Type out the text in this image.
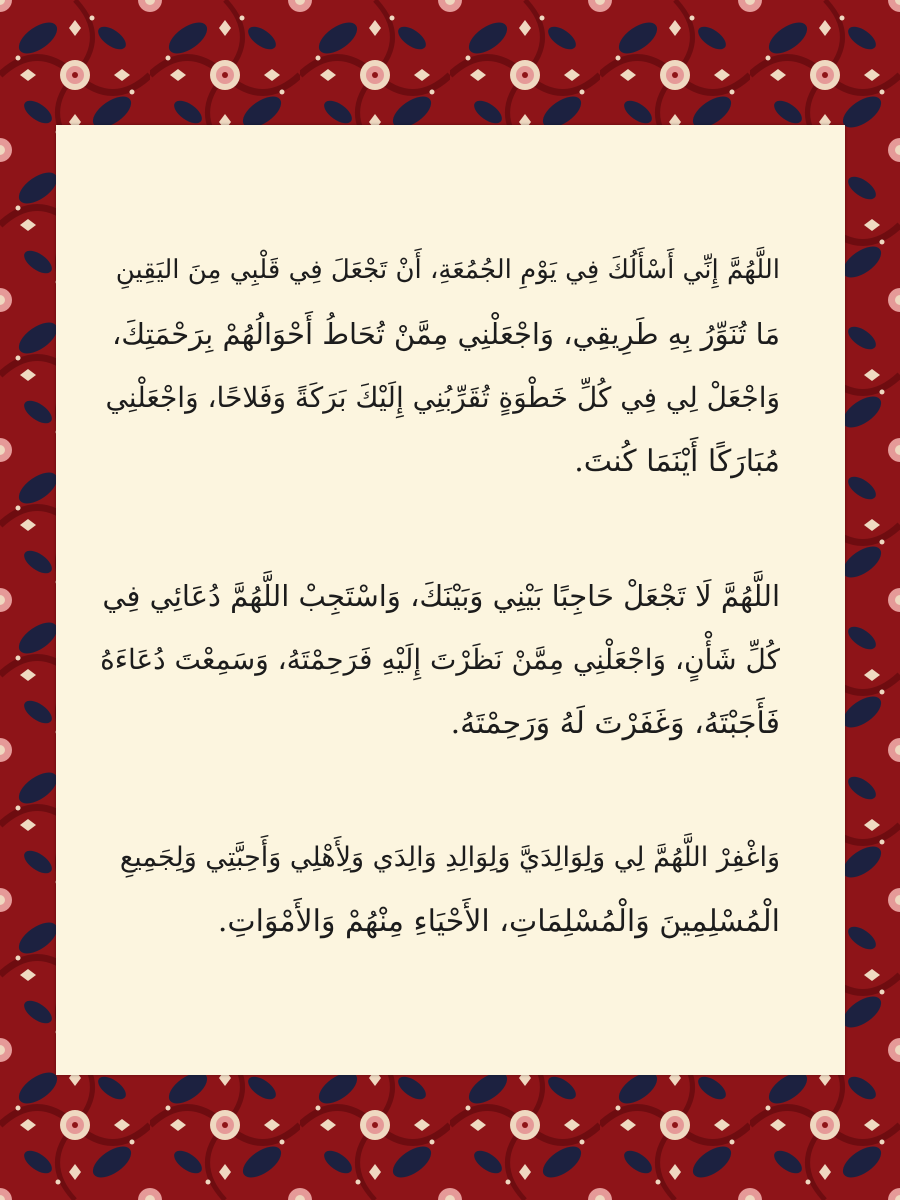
اللَّهُمَّ إِنِّي أَسْأَلُكَ فِي يَوْمِ الجُمُعَةِ، أَنْ تَجْعَلَ فِي قَلْبِي مِنَ اليَقِينِ
مَا تُنَوِّرُ بِهِ طَرِيقِي، وَاجْعَلْنِي مِمَّنْ تُحَاطُ أَحْوَالُهُمْ بِرَحْمَتِكَ،
وَاجْعَلْ لِي فِي كُلِّ خَطْوَةٍ تُقَرِّبُنِي إِلَيْكَ بَرَكَةً وَفَلاحًا، وَاجْعَلْنِي
مُبَارَكًا أَيْنَمَا كُنتَ.

اللَّهُمَّ لَا تَجْعَلْ حَاجِبًا بَيْنِي وَبَيْنَكَ، وَاسْتَجِبْ اللَّهُمَّ دُعَائِي فِي
كُلِّ شَأْنٍ، وَاجْعَلْنِي مِمَّنْ نَظَرْتَ إِلَيْهِ فَرَحِمْتَهُ، وَسَمِعْتَ دُعَاءَهُ
فَأَجَبْتَهُ، وَغَفَرْتَ لَهُ وَرَحِمْتَهُ.

وَاغْفِرْ اللَّهُمَّ لِي وَلِوَالِدَيَّ وَلِوَالِدِ وَالِدَي وَلِأَهْلِي وَأَحِبَّتِي وَلِجَمِيعِ
الْمُسْلِمِينَ وَالْمُسْلِمَاتِ، الأَحْيَاءِ مِنْهُمْ وَالأَمْوَاتِ.
